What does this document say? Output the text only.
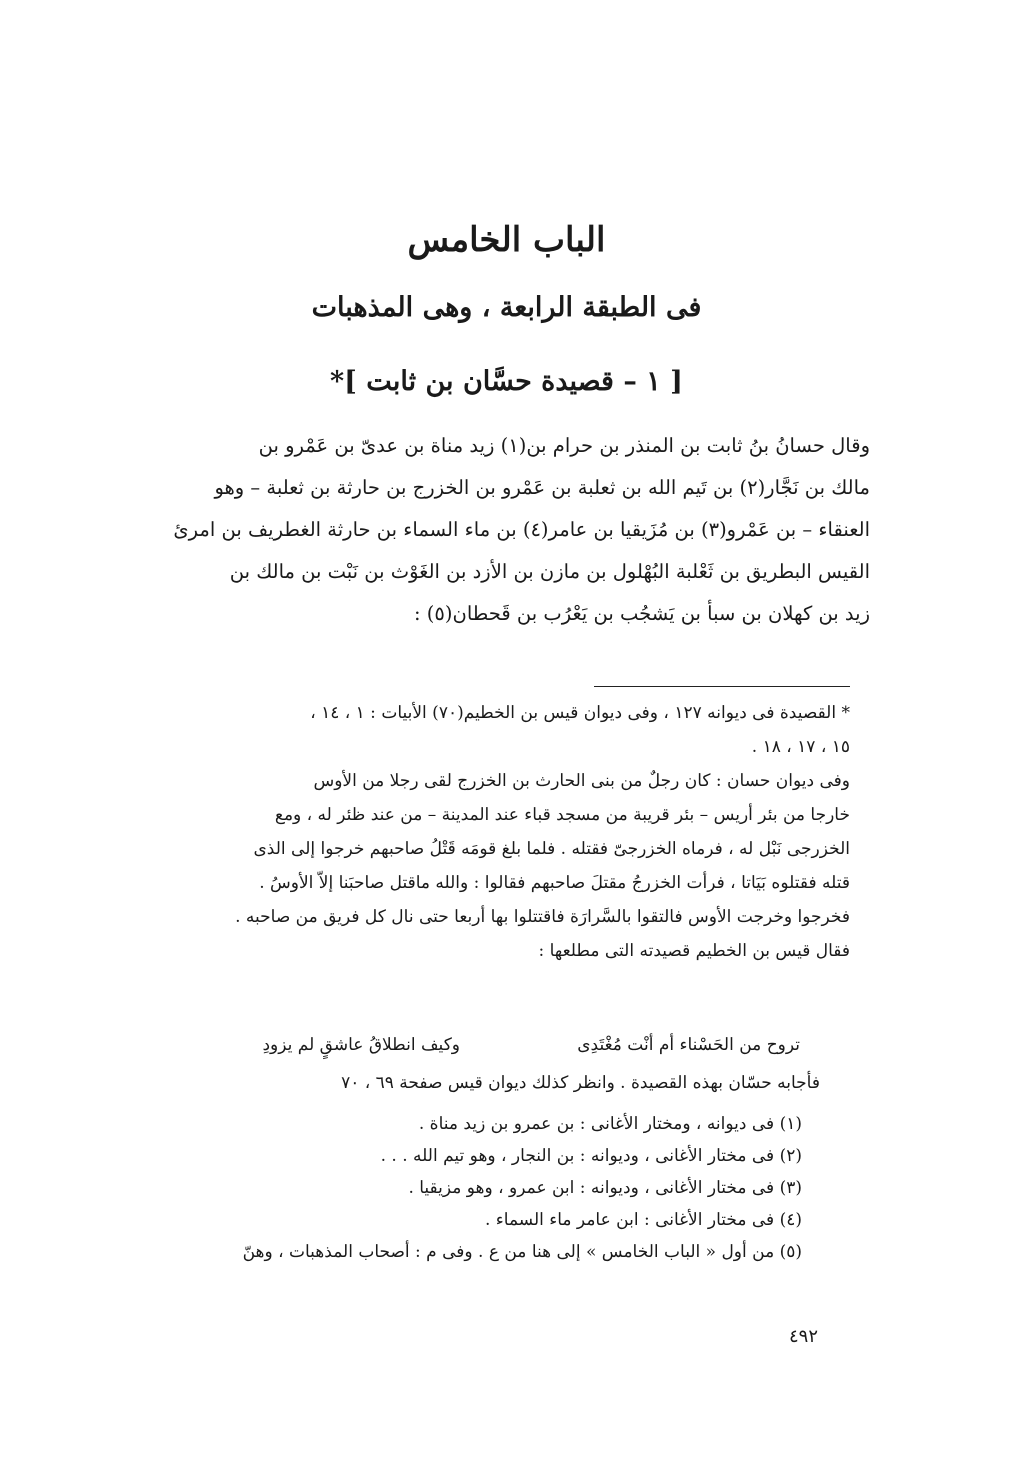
الباب الخامس
فى الطبقة الرابعة ، وهى المذهبات
[ ١ – قصيدة حسَّان بن ثابت ]*
وقال حسانُ بنُ ثابت بن المنذر بن حرام بن(١) زيد مناة بن عدىّ بن عَمْرو بن
مالك بن نَجَّار(٢) بن تَيم الله بن ثعلبة بن عَمْرو بن الخزرج بن حارثة بن ثعلبة – وهو
العنقاء – بن عَمْرو(٣) بن مُزَيقيا بن عامر(٤) بن ماء السماء بن حارثة الغطريف بن امرئ
القيس البطريق بن ثَعْلبة البُهْلول بن مازن بن الأزد بن الغَوْث بن نَبْت بن مالك بن
زيد بن كهلان بن سبأ بن يَشجُب بن يَعْرُب بن قَحطان(٥) :
* القصيدة فى ديوانه ١٢٧ ، وفى ديوان قيس بن الخطيم(٧٠) الأبيات : ١ ، ١٤ ،
١٥ ، ١٧ ، ١٨ .
وفى ديوان حسان : كان رجلٌ من بنى الحارث بن الخزرج لقى رجلا من الأوس
خارجا من بئر أريس – بئر قريبة من مسجد قباء عند المدينة – من عند ظئر له ، ومع
الخزرجى نَبْل له ، فرماه الخزرجىّ فقتله . فلما بلغ قومَه قَتْلُ صاحبهم خرجوا إلى الذى
قتله فقتلوه بَيَاتا ، فرأت الخزرجُ مقتلَ صاحبهم فقالوا : والله ماقتل صاحبَنا إلاّ الأوسُ .
فخرجوا وخرجت الأوس فالتقوا بالسَّرارَة فاقتتلوا بها أربعا حتى نال كل فريق من صاحبه .
فقال قيس بن الخطيم قصيدته التى مطلعها :
تروح من الحَسْناء أم أنْت مُغْتَدِى
وكيف انطلاقُ عاشقٍ لم يزودِ
فأجابه حسّان بهذه القصيدة . وانظر كذلك ديوان قيس صفحة ٦٩ ، ٧٠
(١) فى ديوانه ، ومختار الأغانى : بن عمرو بن زيد مناة .
(٢) فى مختار الأغانى ، وديوانه : بن النجار ، وهو تيم الله . . .
(٣) فى مختار الأغانى ، وديوانه : ابن عمرو ، وهو مزيقيا .
(٤) فى مختار الأغانى : ابن عامر ماء السماء .
(٥) من أول « الباب الخامس » إلى هنا من ع . وفى م : أصحاب المذهبات ، وهنّ
٤٩٢
